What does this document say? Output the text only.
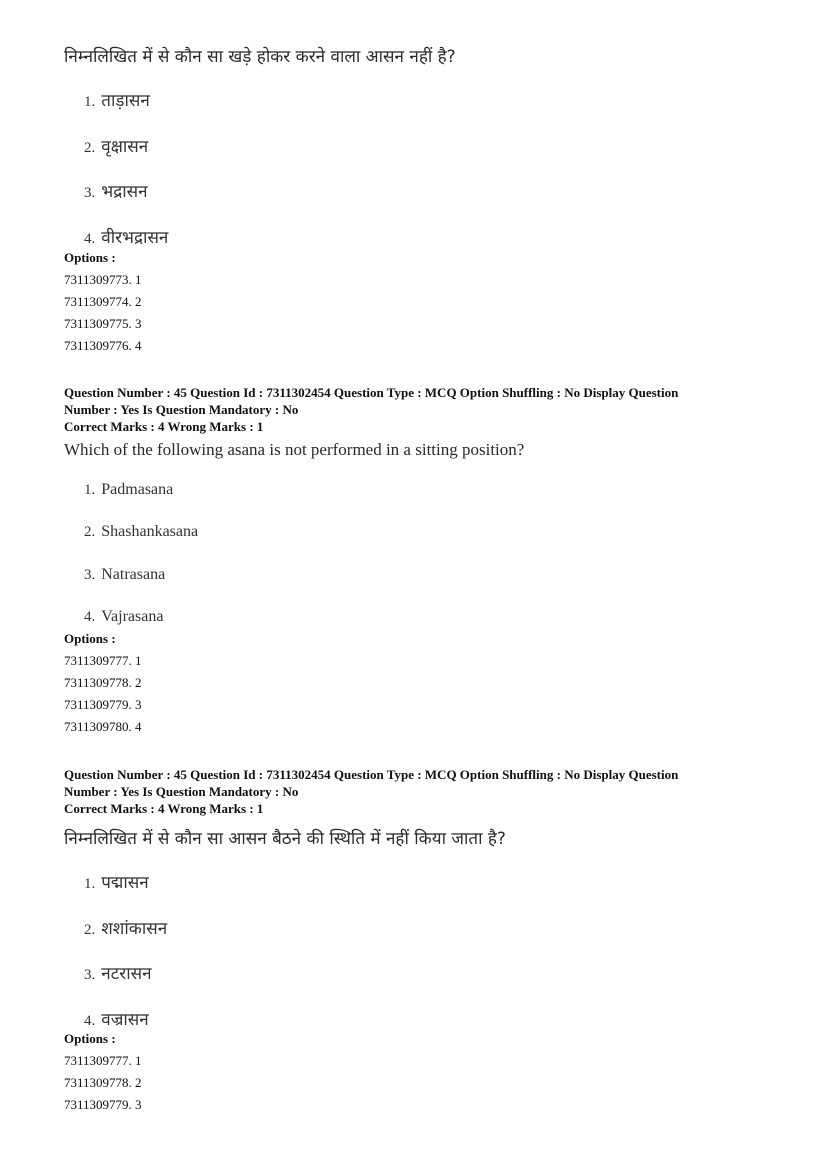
निम्नलिखित में से कौन सा खड़े होकर करने वाला आसन नहीं है?
1. ताड़ासन
2. वृक्षासन
3. भद्रासन
4. वीरभद्रासन
Options :
7311309773. 1
7311309774. 2
7311309775. 3
7311309776. 4
Question Number : 45 Question Id : 7311302454 Question Type : MCQ Option Shuffling : No Display Question
Number : Yes Is Question Mandatory : No
Correct Marks : 4 Wrong Marks : 1
Which of the following asana is not performed in a sitting position?
1. Padmasana
2. Shashankasana
3. Natrasana
4. Vajrasana
Options :
7311309777. 1
7311309778. 2
7311309779. 3
7311309780. 4
Question Number : 45 Question Id : 7311302454 Question Type : MCQ Option Shuffling : No Display Question
Number : Yes Is Question Mandatory : No
Correct Marks : 4 Wrong Marks : 1
निम्नलिखित में से कौन सा आसन बैठने की स्थिति में नहीं किया जाता है?
1. पद्मासन
2. शशांकासन
3. नटरासन
4. वज्रासन
Options :
7311309777. 1
7311309778. 2
7311309779. 3
